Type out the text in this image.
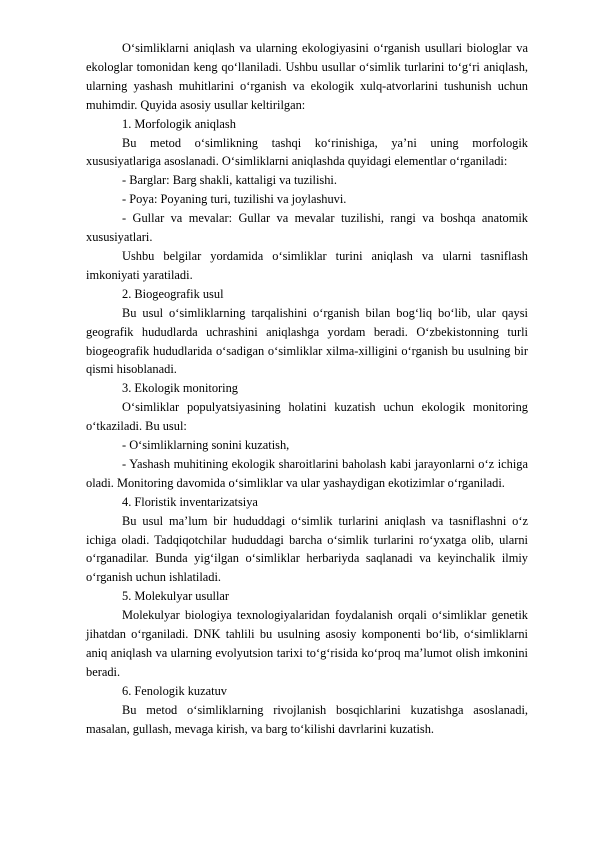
O‘simliklarni aniqlash va ularning ekologiyasini o‘rganish usullari biologlar va ekologlar tomonidan keng qo‘llaniladi. Ushbu usullar o‘simlik turlarini to‘g‘ri aniqlash, ularning yashash muhitlarini o‘rganish va ekologik xulq-atvorlarini tushunish uchun muhimdir. Quyida asosiy usullar keltirilgan:

1. Morfologik aniqlash

Bu metod o‘simlikning tashqi ko‘rinishiga, ya’ni uning morfologik xususiyatlariga asoslanadi. O‘simliklarni aniqlashda quyidagi elementlar o‘rganiladi:

- Barglar: Barg shakli, kattaligi va tuzilishi.

- Poya: Poyaning turi, tuzilishi va joylashuvi.

- Gullar va mevalar: Gullar va mevalar tuzilishi, rangi va boshqa anatomik xususiyatlari.

Ushbu belgilar yordamida o‘simliklar turini aniqlash va ularni tasniflash imkoniyati yaratiladi.

2. Biogeografik usul

Bu usul o‘simliklarning tarqalishini o‘rganish bilan bog‘liq bo‘lib, ular qaysi geografik hududlarda uchrashini aniqlashga yordam beradi. O‘zbekistonning turli biogeografik hududlarida o‘sadigan o‘simliklar xilma-xilligini o‘rganish bu usulning bir qismi hisoblanadi.

3. Ekologik monitoring

O‘simliklar populyatsiyasining holatini kuzatish uchun ekologik monitoring o‘tkaziladi. Bu usul:

- O‘simliklarning sonini kuzatish,

- Yashash muhitining ekologik sharoitlarini baholash kabi jarayonlarni o‘z ichiga oladi. Monitoring davomida o‘simliklar va ular yashaydigan ekotizimlar o‘rganiladi.

4. Floristik inventarizatsiya

Bu usul ma’lum bir hududdagi o‘simlik turlarini aniqlash va tasniflashni o‘z ichiga oladi. Tadqiqotchilar hududdagi barcha o‘simlik turlarini ro‘yxatga olib, ularni o‘rganadilar. Bunda yig‘ilgan o‘simliklar herbariyda saqlanadi va keyinchalik ilmiy o‘rganish uchun ishlatiladi.

5. Molekulyar usullar

Molekulyar biologiya texnologiyalaridan foydalanish orqali o‘simliklar genetik jihatdan o‘rganiladi. DNK tahlili bu usulning asosiy komponenti bo‘lib, o‘simliklarni aniq aniqlash va ularning evolyutsion tarixi to‘g‘risida ko‘proq ma’lumot olish imkonini beradi.

6. Fenologik kuzatuv

Bu metod o‘simliklarning rivojlanish bosqichlarini kuzatishga asoslanadi, masalan, gullash, mevaga kirish, va barg to‘kilishi davrlarini kuzatish.
